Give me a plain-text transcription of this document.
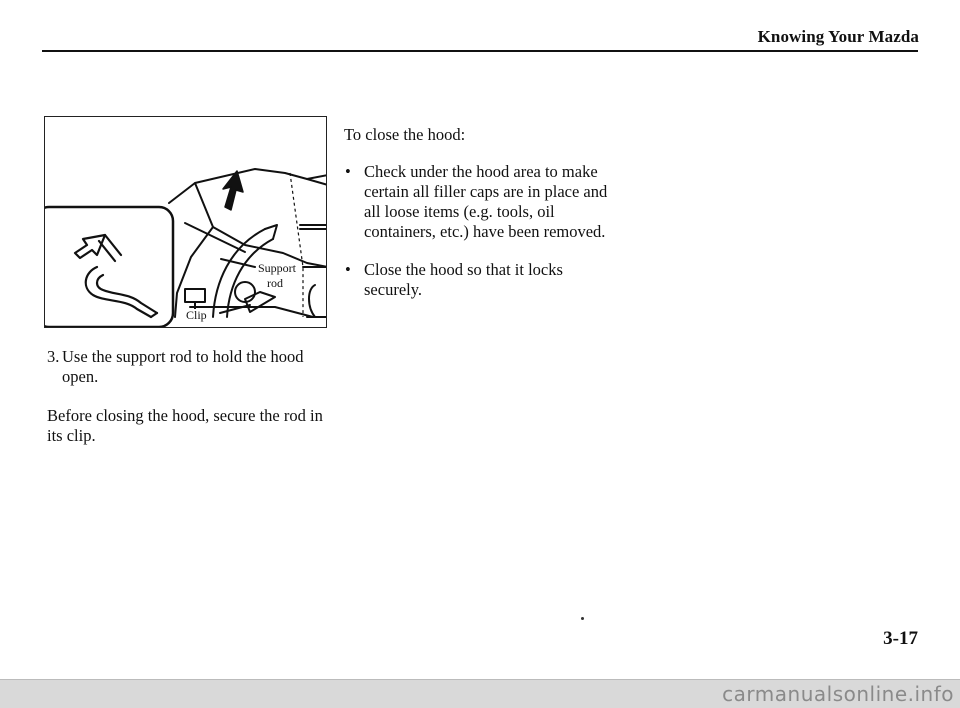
Knowing Your Mazda
Support
rod
Clip
3. Use the support rod to hold the hood open.

Before closing the hood, secure the rod in its clip.

To close the hood:

• Check under the hood area to make certain all filler caps are in place and all loose items (e.g. tools, oil containers, etc.) have been removed.
• Close the hood so that it locks securely.
3-17
carmanualsonline.info
